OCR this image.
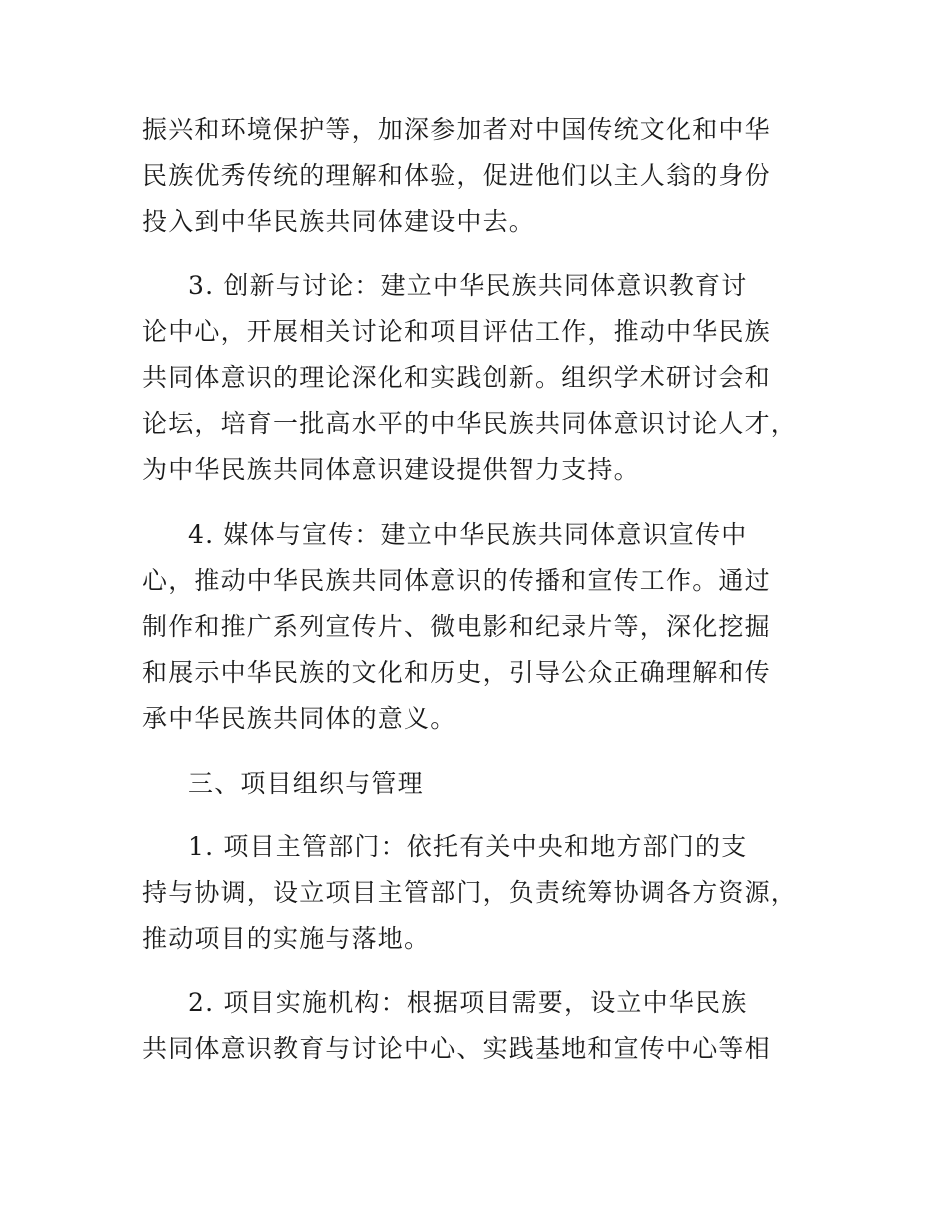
振兴和环境保护等，加深参加者对中国传统文化和中华
民族优秀传统的理解和体验，促进他们以主人翁的身份
投入到中华民族共同体建设中去。
3. 创新与讨论：建立中华民族共同体意识教育讨
论中心，开展相关讨论和项目评估工作，推动中华民族
共同体意识的理论深化和实践创新。组织学术研讨会和
论坛，培育一批高水平的中华民族共同体意识讨论人才，
为中华民族共同体意识建设提供智力支持。
4. 媒体与宣传：建立中华民族共同体意识宣传中
心，推动中华民族共同体意识的传播和宣传工作。通过
制作和推广系列宣传片、微电影和纪录片等，深化挖掘
和展示中华民族的文化和历史，引导公众正确理解和传
承中华民族共同体的意义。
三、项目组织与管理
1. 项目主管部门：依托有关中央和地方部门的支
持与协调，设立项目主管部门，负责统筹协调各方资源，
推动项目的实施与落地。
2. 项目实施机构：根据项目需要，设立中华民族
共同体意识教育与讨论中心、实践基地和宣传中心等相
